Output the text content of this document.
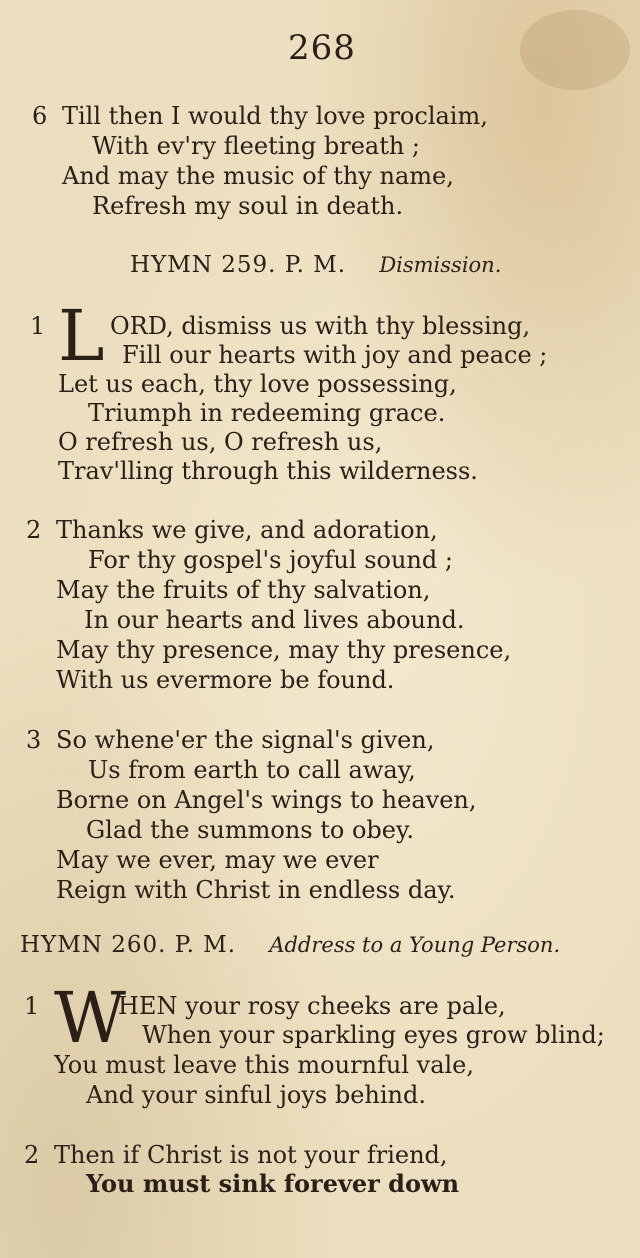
268
6 Till then I would thy love proclaim,
With ev'ry fleeting breath ;
And may the music of thy name,
Refresh my soul in death.
HYMN 259. P. M. Dismission.
1 L ORD, dismiss us with thy blessing,
Fill our hearts with joy and peace ;
Let us each, thy love possessing,
Triumph in redeeming grace.
O refresh us, O refresh us,
Trav'lling through this wilderness.
2 Thanks we give, and adoration,
For thy gospel's joyful sound ;
May the fruits of thy salvation,
In our hearts and lives abound.
May thy presence, may thy presence,
With us evermore be found.
3 So whene'er the signal's given,
Us from earth to call away,
Borne on Angel's wings to heaven,
Glad the summons to obey.
May we ever, may we ever
Reign with Christ in endless day.
HYMN 260. P. M. Address to a Young Person.
1 W
HEN your rosy cheeks are pale,
When your sparkling eyes grow blind;
You must leave this mournful vale,
And your sinful joys behind.
2 Then if Christ is not your friend,
You must sink forever down
